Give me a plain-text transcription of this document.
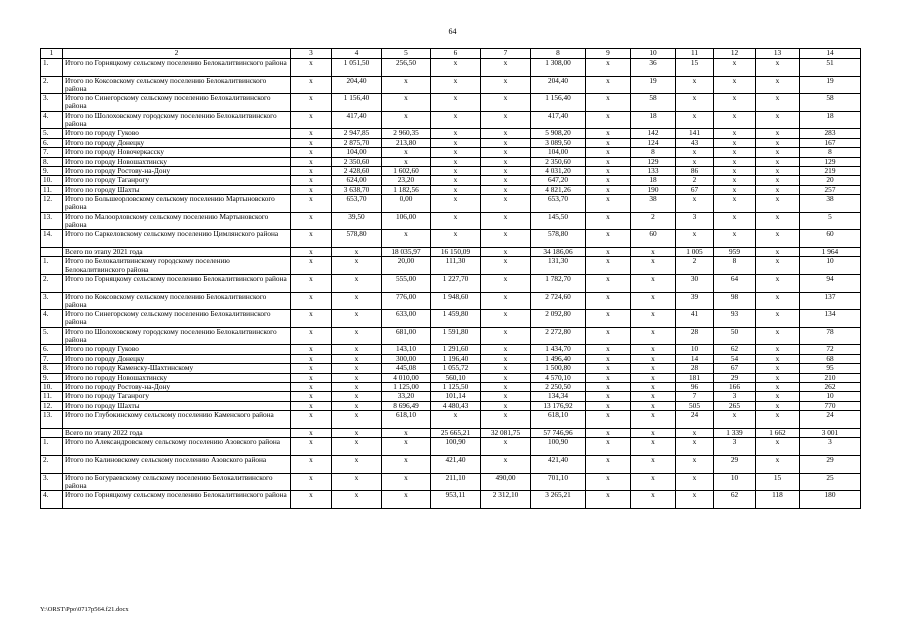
64
1	2	3	4	5	6	7	8	9	10	11	12	13	14
1.	Итого по Горняцкому сельскому поселению Белокалитвинского района	х	1 051,50	256,50	х	х	1 308,00	х	36	15	х	х	51
2.	Итого по Коксовскому сельскому поселению Белокалитвинского района	х	204,40	х	х	х	204,40	х	19	х	х	х	19
3.	Итого по Синегорскому сельскому поселению Белокалитвинского района	х	1 156,40	х	х	х	1 156,40	х	58	х	х	х	58
4.	Итого по Шолоховскому городскому поселению Белокалитвинского района	х	417,40	х	х	х	417,40	х	18	х	х	х	18
5.	Итого по городу Гуково	х	2 947,85	2 960,35	х	х	5 908,20	х	142	141	х	х	283
6.	Итого по городу Донецку	х	2 875,70	213,80	х	х	3 089,50	х	124	43	х	х	167
7.	Итого по городу Новочеркасску	х	104,00	х	х	х	104,00	х	8	х	х	х	8
8.	Итого по городу Новошахтинску	х	2 350,60	х	х	х	2 350,60	х	129	х	х	х	129
9.	Итого по городу Ростову-на-Дону	х	2 428,60	1 602,60	х	х	4 031,20	х	133	86	х	х	219
10.	Итого по городу Таганрогу	х	624,00	23,20	х	х	647,20	х	18	2	х	х	20
11.	Итого по городу Шахты	х	3 638,70	1 182,56	х	х	4 821,26	х	190	67	х	х	257
12.	Итого по Большеорловскому сельскому поселению Мартыновского района	х	653,70	0,00	х	х	653,70	х	38	х	х	х	38
13.	Итого по Малоорловскому сельскому поселению Мартыновского района	х	39,50	106,00	х	х	145,50	х	2	3	х	х	5
14.	Итого по Саркеловскому сельскому поселению Цимлянского района	х	578,80	х	х	х	578,80	х	60	х	х	х	60
	Всего по этапу 2021 года	х	х	18 035,97	16 150,09	х	34 186,06	х	х	1 005	959	х	1 964
1.	Итого по Белокалитвинскому городскому поселению Белокалитвинского района	х	х	20,00	111,30	х	131,30	х	х	2	8	х	10
2.	Итого по Горняцкому сельскому поселению Белокалитвинского района	х	х	555,00	1 227,70	х	1 782,70	х	х	30	64	х	94
3.	Итого по Коксовскому сельскому поселению Белокалитвинского района	х	х	776,00	1 948,60	х	2 724,60	х	х	39	98	х	137
4.	Итого по Синегорскому сельскому поселению Белокалитвинского района	х	х	633,00	1 459,80	х	2 092,80	х	х	41	93	х	134
5.	Итого по Шолоховскому городскому поселению Белокалитвинского района	х	х	681,00	1 591,80	х	2 272,80	х	х	28	50	х	78
6.	Итого по городу Гуково	х	х	143,10	1 291,60	х	1 434,70	х	х	10	62	х	72
7.	Итого по городу Донецку	х	х	300,00	1 196,40	х	1 496,40	х	х	14	54	х	68
8.	Итого по городу Каменску-Шахтинскому	х	х	445,08	1 055,72	х	1 500,80	х	х	28	67	х	95
9.	Итого по городу Новошахтинску	х	х	4 010,00	560,10	х	4 570,10	х	х	181	29	х	210
10.	Итого по городу Ростову-на-Дону	х	х	1 125,00	1 125,50	х	2 250,50	х	х	96	166	х	262
11.	Итого по городу Таганрогу	х	х	33,20	101,14	х	134,34	х	х	7	3	х	10
12.	Итого по городу Шахты	х	х	8 696,49	4 480,43	х	13 176,92	х	х	505	265	х	770
13.	Итого по Глубокинскому сельскому поселению Каменского района	х	х	618,10	х	х	618,10	х	х	24	х	х	24
	Всего по этапу 2022 года	х	х	х	25 665,21	32 081,75	57 746,96	х	х	х	1 339	1 662	3 001
1.	Итого по Александровскому сельскому поселению Азовского района	х	х	х	100,90	х	100,90	х	х	х	3	х	3
2.	Итого по Калиновскому сельскому поселению Азовского района	х	х	х	421,40	х	421,40	х	х	х	29	х	29
3.	Итого по Богураевскому сельскому поселению Белокалитвинского района	х	х	х	211,10	490,00	701,10	х	х	х	10	15	25
4.	Итого по Горняцкому сельскому поселению Белокалитвинского района	х	х	х	953,11	2 312,10	3 265,21	х	х	х	62	118	180
Y:\ORST\Ppo\0717p564.f21.docx
